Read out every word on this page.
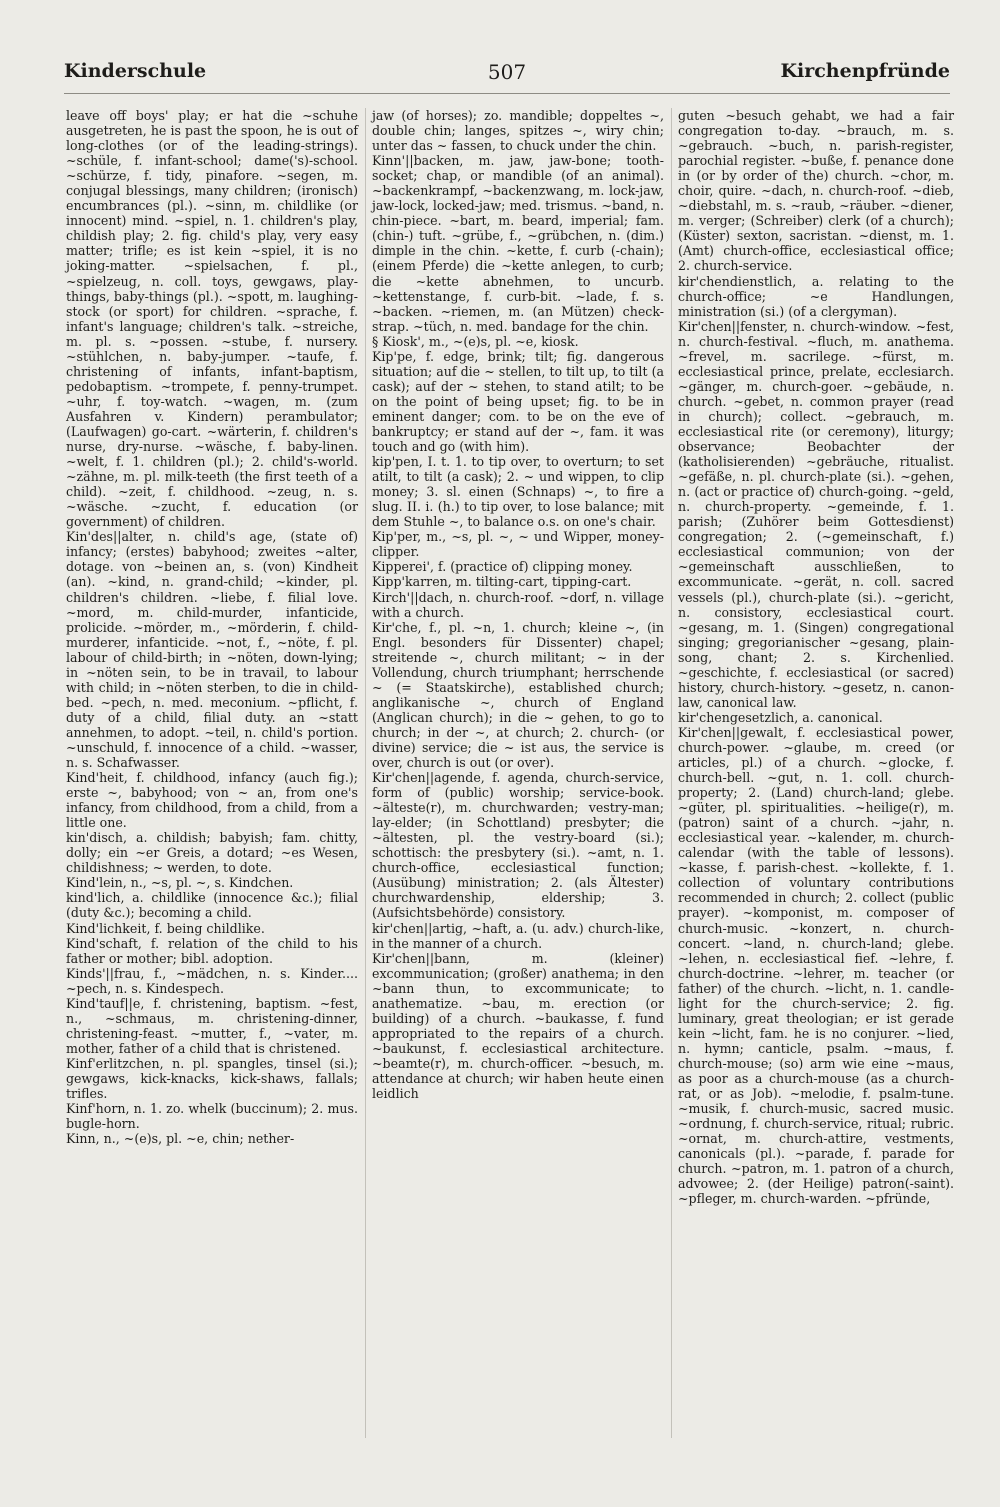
Kinderschule	507	Kirchenpfründe

leave off boys' play; er hat die ~schuhe ausgetreten, he is past the spoon, he is out of long-clothes (or of the leading-strings). ~schüle, f. infant-school; dame('s)-school. ~schürze, f. tidy, pinafore. ~segen, m. conjugal blessings, many children; (ironisch) encumbrances (pl.). ~sinn, m. childlike (or innocent) mind. ~spiel, n. 1. children's play, childish play; 2. fig. child's play, very easy matter; trifle; es ist kein ~spiel, it is no joking-matter. ~spielsachen, f. pl., ~spielzeug, n. coll. toys, gewgaws, play-things, baby-things (pl.). ~spott, m. laughing-stock (or sport) for children. ~sprache, f. infant's language; children's talk. ~streiche, m. pl. s. ~possen. ~stube, f. nursery. ~stühlchen, n. baby-jumper. ~taufe, f. christening of infants, infant-baptism, pedobaptism. ~trompete, f. penny-trumpet. ~uhr, f. toy-watch. ~wagen, m. (zum Ausfahren v. Kindern) perambulator; (Laufwagen) go-cart. ~wärterin, f. children's nurse, dry-nurse. ~wäsche, f. baby-linen. ~welt, f. 1. children (pl.); 2. child's-world. ~zähne, m. pl. milk-teeth (the first teeth of a child). ~zeit, f. childhood. ~zeug, n. s. ~wäsche. ~zucht, f. education (or government) of children.

Kin'des||alter, n. child's age, (state of) infancy; (erstes) babyhood; zweites ~alter, dotage. von ~beinen an, s. (von) Kindheit (an). ~kind, n. grand-child; ~kinder, pl. children's children. ~liebe, f. filial love. ~mord, m. child-murder, infanticide, prolicide. ~mörder, m., ~mörderin, f. child-murderer, infanticide. ~not, f., ~nöte, f. pl. labour of child-birth; in ~nöten, down-lying; in ~nöten sein, to be in travail, to labour with child; in ~nöten sterben, to die in child-bed. ~pech, n. med. meconium. ~pflicht, f. duty of a child, filial duty. an ~statt annehmen, to adopt. ~teil, n. child's portion. ~unschuld, f. innocence of a child. ~wasser, n. s. Schafwasser.

Kind'heit, f. childhood, infancy (auch fig.); erste ~, babyhood; von ~ an, from one's infancy, from childhood, from a child, from a little one.

kin'disch, a. childish; babyish; fam. chitty, dolly; ein ~er Greis, a dotard; ~es Wesen, childishness; ~ werden, to dote.

Kind'lein, n., ~s, pl. ~, s. Kindchen.

kind'lich, a. childlike (innocence &c.); filial (duty &c.); becoming a child.

Kind'lichkeit, f. being childlike.

Kind'schaft, f. relation of the child to his father or mother; bibl. adoption.

Kinds'||frau, f., ~mädchen, n. s. Kinder.... ~pech, n. s. Kindespech.

Kind'tauf||e, f. christening, baptism. ~fest, n., ~schmaus, m. christening-dinner, christening-feast. ~mutter, f., ~vater, m. mother, father of a child that is christened.

Kinf'erlitzchen, n. pl. spangles, tinsel (si.); gewgaws, kick-knacks, kick-shaws, fallals; trifles.

Kinf'horn, n. 1. zo. whelk (buccinum); 2. mus. bugle-horn.

Kinn, n., ~(e)s, pl. ~e, chin; nether-

jaw (of horses); zo. mandible; doppeltes ~, double chin; langes, spitzes ~, wiry chin; unter das ~ fassen, to chuck under the chin.

Kinn'||backen, m. jaw, jaw-bone; tooth-socket; chap, or mandible (of an animal). ~backenkrampf, ~backenzwang, m. lock-jaw, jaw-lock, locked-jaw; med. trismus. ~band, n. chin-piece. ~bart, m. beard, imperial; fam. (chin-) tuft. ~grübe, f., ~grübchen, n. (dim.) dimple in the chin. ~kette, f. curb (-chain); (einem Pferde) die ~kette anlegen, to curb; die ~kette abnehmen, to uncurb. ~kettenstange, f. curb-bit. ~lade, f. s. ~backen. ~riemen, m. (an Mützen) check-strap. ~tüch, n. med. bandage for the chin.

§ Kiosk', m., ~(e)s, pl. ~e, kiosk.

Kip'pe, f. edge, brink; tilt; fig. dangerous situation; auf die ~ stellen, to tilt up, to tilt (a cask); auf der ~ stehen, to stand atilt; to be on the point of being upset; fig. to be in eminent danger; com. to be on the eve of bankruptcy; er stand auf der ~, fam. it was touch and go (with him).

kip'pen, I. t. 1. to tip over, to overturn; to set atilt, to tilt (a cask); 2. ~ und wippen, to clip money; 3. sl. einen (Schnaps) ~, to fire a slug. II. i. (h.) to tip over, to lose balance; mit dem Stuhle ~, to balance o.s. on one's chair.

Kip'per, m., ~s, pl. ~, ~ und Wipper, money-clipper.

Kipperei', f. (practice of) clipping money.

Kipp'karren, m. tilting-cart, tipping-cart.

Kirch'||dach, n. church-roof. ~dorf, n. village with a church.

Kir'che, f., pl. ~n, 1. church; kleine ~, (in Engl. besonders für Dissenter) chapel; streitende ~, church militant; ~ in der Vollendung, church triumphant; herrschende ~ (= Staatskirche), established church; anglikanische ~, church of England (Anglican church); in die ~ gehen, to go to church; in der ~, at church; 2. church- (or divine) service; die ~ ist aus, the service is over, church is out (or over).

Kir'chen||agende, f. agenda, church-service, form of (public) worship; service-book. ~älteste(r), m. churchwarden; vestry-man; lay-elder; (in Schottland) presbyter; die ~ältesten, pl. the vestry-board (si.); schottisch: the presbytery (si.). ~amt, n. 1. church-office, ecclesiastical function; (Ausübung) ministration; 2. (als Ältester) churchwardenship, eldership; 3. (Aufsichtsbehörde) consistory.

kir'chen||artig, ~haft, a. (u. adv.) church-like, in the manner of a church.

Kir'chen||bann, m. (kleiner) excommunication; (großer) anathema; in den ~bann thun, to excommunicate; to anathematize. ~bau, m. erection (or building) of a church. ~baukasse, f. fund appropriated to the repairs of a church. ~baukunst, f. ecclesiastical architecture. ~beamte(r), m. church-officer. ~besuch, m. attendance at church; wir haben heute einen leidlich

guten ~besuch gehabt, we had a fair congregation to-day. ~brauch, m. s. ~gebrauch. ~buch, n. parish-register, parochial register. ~buße, f. penance done in (or by order of the) church. ~chor, m. choir, quire. ~dach, n. church-roof. ~dieb, ~diebstahl, m. s. ~raub, ~räuber. ~diener, m. verger; (Schreiber) clerk (of a church); (Küster) sexton, sacristan. ~dienst, m. 1. (Amt) church-office, ecclesiastical office; 2. church-service.

kir'chendienstlich, a. relating to the church-office; ~e Handlungen, ministration (si.) (of a clergyman).

Kir'chen||fenster, n. church-window. ~fest, n. church-festival. ~fluch, m. anathema. ~frevel, m. sacrilege. ~fürst, m. ecclesiastical prince, prelate, ecclesiarch. ~gänger, m. church-goer. ~gebäude, n. church. ~gebet, n. common prayer (read in church); collect. ~gebrauch, m. ecclesiastical rite (or ceremony), liturgy; observance; Beobachter der (katholisierenden) ~gebräuche, ritualist. ~gefäße, n. pl. church-plate (si.). ~gehen, n. (act or practice of) church-going. ~geld, n. church-property. ~gemeinde, f. 1. parish; (Zuhörer beim Gottesdienst) congregation; 2. (~gemeinschaft, f.) ecclesiastical communion; von der ~gemeinschaft ausschließen, to excommunicate. ~gerät, n. coll. sacred vessels (pl.), church-plate (si.). ~gericht, n. consistory, ecclesiastical court. ~gesang, m. 1. (Singen) congregational singing; gregorianischer ~gesang, plain-song, chant; 2. s. Kirchenlied. ~geschichte, f. ecclesiastical (or sacred) history, church-history. ~gesetz, n. canon-law, canonical law.

kir'chengesetzlich, a. canonical.

Kir'chen||gewalt, f. ecclesiastical power, church-power. ~glaube, m. creed (or articles, pl.) of a church. ~glocke, f. church-bell. ~gut, n. 1. coll. church-property; 2. (Land) church-land; glebe. ~güter, pl. spiritualities. ~heilige(r), m. (patron) saint of a church. ~jahr, n. ecclesiastical year. ~kalender, m. church-calendar (with the table of lessons). ~kasse, f. parish-chest. ~kollekte, f. 1. collection of voluntary contributions recommended in church; 2. collect (public prayer). ~komponist, m. composer of church-music. ~konzert, n. church-concert. ~land, n. church-land; glebe. ~lehen, n. ecclesiastical fief. ~lehre, f. church-doctrine. ~lehrer, m. teacher (or father) of the church. ~licht, n. 1. candle-light for the church-service; 2. fig. luminary, great theologian; er ist gerade kein ~licht, fam. he is no conjurer. ~lied, n. hymn; canticle, psalm. ~maus, f. church-mouse; (so) arm wie eine ~maus, as poor as a church-mouse (as a church-rat, or as Job). ~melodie, f. psalm-tune. ~musik, f. church-music, sacred music. ~ordnung, f. church-service, ritual; rubric. ~ornat, m. church-attire, vestments, canonicals (pl.). ~parade, f. parade for church. ~patron, m. 1. patron of a church, advowee; 2. (der Heilige) patron(-saint). ~pfleger, m. church-warden. ~pfründe,
